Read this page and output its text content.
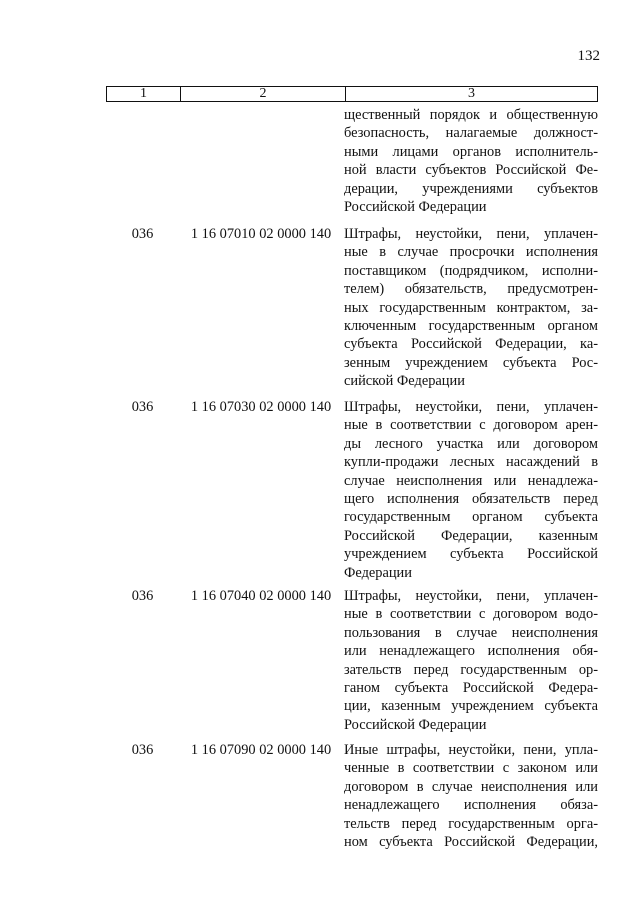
132
1	2	3
щественный порядок и общественную
безопасность, налагаемые должност-
ными лицами органов исполнитель-
ной власти субъектов Российской Фе-
дерации, учреждениями субъектов
Российской Федерации
036	1 16 07010 02 0000 140 Штрафы, неустойки, пени, уплачен-
ные в случае просрочки исполнения
поставщиком (подрядчиком, исполни-
телем) обязательств, предусмотрен-
ных государственным контрактом, за-
ключенным государственным органом
субъекта Российской Федерации, ка-
зенным учреждением субъекта Рос-
сийской Федерации
036	1 16 07030 02 0000 140 Штрафы, неустойки, пени, уплачен-
ные в соответствии с договором арен-
ды лесного участка или договором
купли-продажи лесных насаждений в
случае неисполнения или ненадлежа-
щего исполнения обязательств перед
государственным органом субъекта
Российской Федерации, казенным
учреждением субъекта Российской
Федерации
036	1 16 07040 02 0000 140 Штрафы, неустойки, пени, уплачен-
ные в соответствии с договором водо-
пользования в случае неисполнения
или ненадлежащего исполнения обя-
зательств перед государственным ор-
ганом субъекта Российской Федера-
ции, казенным учреждением субъекта
Российской Федерации
036	1 16 07090 02 0000 140 Иные штрафы, неустойки, пени, упла-
ченные в соответствии с законом или
договором в случае неисполнения или
ненадлежащего исполнения обяза-
тельств перед государственным орга-
ном субъекта Российской Федерации,
